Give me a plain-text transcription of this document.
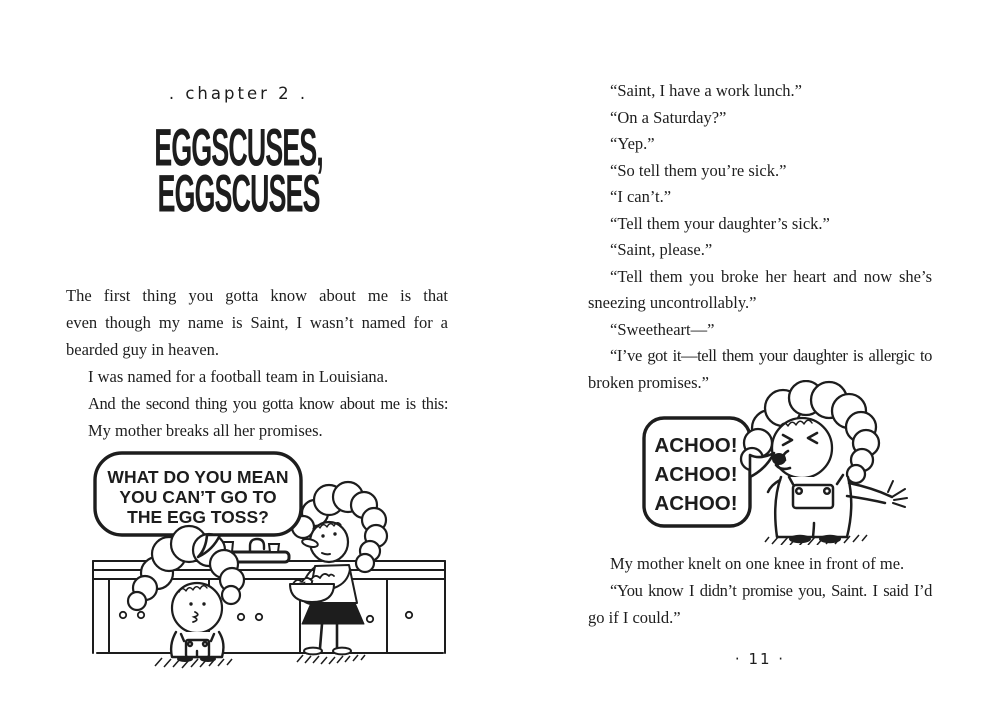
. chapter 2 .
EGGSCUSES,
EGGSCUSES
The first thing you gotta know about me is that
even though my name is Saint, I wasn’t named for a
bearded guy in heaven.
I was named for a football team in Louisiana.
And the second thing you gotta know about me is this:
My mother breaks all her promises.
WHAT DO YOU MEAN
YOU CAN’T GO TO
THE EGG TOSS?
“Saint, I have a work lunch.”
“On a Saturday?”
“Yep.”
“So tell them you’re sick.”
“I can’t.”
“Tell them your daughter’s sick.”
“Saint, please.”
“Tell them you broke her heart and now she’s
sneezing uncontrollably.”
“Sweetheart—”
“I’ve got it—tell them your daughter is allergic to
broken promises.”
ACHOO!
ACHOO!
ACHOO!
My mother knelt on one knee in front of me.
“You know I didn’t promise you, Saint. I said I’d
go if I could.”
· 11 ·
